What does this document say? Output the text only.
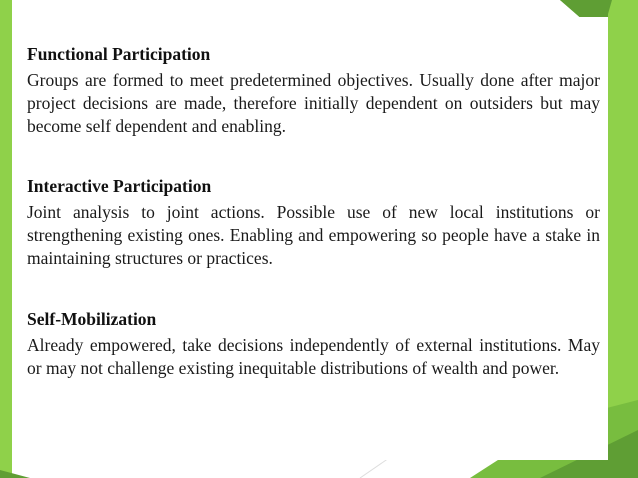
Functional Participation

Groups are formed to meet predetermined objectives. Usually done after major project decisions are made, therefore initially dependent on outsiders but may become self dependent and enabling.

Interactive Participation

Joint analysis to joint actions. Possible use of new local institutions or strengthening existing ones. Enabling and empowering so people have a stake in maintaining structures or practices.

Self-Mobilization

Already empowered, take decisions independently of external institutions. May or may not challenge existing inequitable distributions of wealth and power.
